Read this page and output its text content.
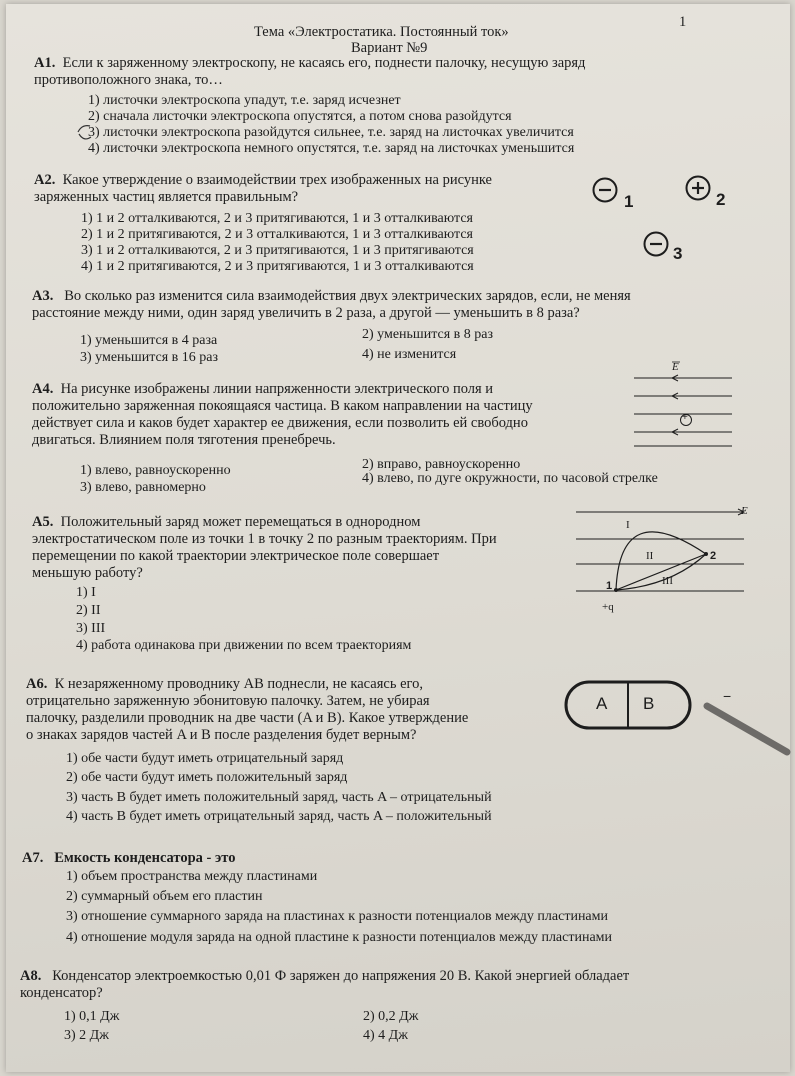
1
Тема «Электростатика. Постоянный ток»
Вариант №9
A1. Если к заряженному электроскопу, не касаясь его, поднести палочку, несущую заряд
противоположного знака, то…
1) листочки электроскопа упадут, т.е. заряд исчезнет
2) сначала листочки электроскопа опустятся, а потом снова разойдутся
3) листочки электроскопа разойдутся сильнее, т.е. заряд на листочках увеличится
4) листочки электроскопа немного опустятся, т.е. заряд на листочках уменьшится
A2. Какое утверждение о взаимодействии трех изображенных на рисунке
заряженных частиц является правильным?
1) 1 и 2 отталкиваются, 2 и 3 притягиваются, 1 и 3 отталкиваются
2) 1 и 2 притягиваются, 2 и 3 отталкиваются, 1 и 3 отталкиваются
3) 1 и 2 отталкиваются, 2 и 3 притягиваются, 1 и 3 притягиваются
4) 1 и 2 притягиваются, 2 и 3 притягиваются, 1 и 3 отталкиваются
1	2
3
A3. Во сколько раз изменится сила взаимодействия двух электрических зарядов, если, не меняя
расстояние между ними, один заряд увеличить в 2 раза, а другой — уменьшить в 8 раза?
1) уменьшится в 4 раза	2) уменьшится в 8 раз
3) уменьшится в 16 раз	4) не изменится
A4. На рисунке изображены линии напряженности электрического поля и
положительно заряженная покоящаяся частица. В каком направлении на частицу
действует сила и каков будет характер ее движения, если позволить ей свободно
двигаться. Влиянием поля тяготения пренебречь.
1) влево, равноускоренно	2) вправо, равноускоренно
3) влево, равномерно
4) влево, по дуге окружности, по часовой стрелке
E
+
A5. Положительный заряд может перемещаться в однородном
электростатическом поле из точки 1 в точку 2 по разным траекториям. При
перемещении по какой траектории электрическое поле совершает
меньшую работу?
1) I
2) II
3) III
4) работа одинакова при движении по всем траекториям
E
I
II
III
1
2
+q
A6. К незаряженному проводнику AB поднесли, не касаясь его,
отрицательно заряженную эбонитовую палочку. Затем, не убирая
палочку, разделили проводник на две части (A и B). Какое утверждение
о знаках зарядов частей A и B после разделения будет верным?
1) обе части будут иметь отрицательный заряд
2) обе части будут иметь положительный заряд
3) часть B будет иметь положительный заряд, часть A – отрицательный
4) часть B будет иметь отрицательный заряд, часть A – положительный
A B	−
A7. Емкость конденсатора - это
1) объем пространства между пластинами
2) суммарный объем его пластин
3) отношение суммарного заряда на пластинах к разности потенциалов между пластинами
4) отношение модуля заряда на одной пластине к разности потенциалов между пластинами
A8. Конденсатор электроемкостью 0,01 Ф заряжен до напряжения 20 В. Какой энергией обладает
конденсатор?
1) 0,1 Дж	2) 0,2 Дж
3) 2 Дж	4) 4 Дж
